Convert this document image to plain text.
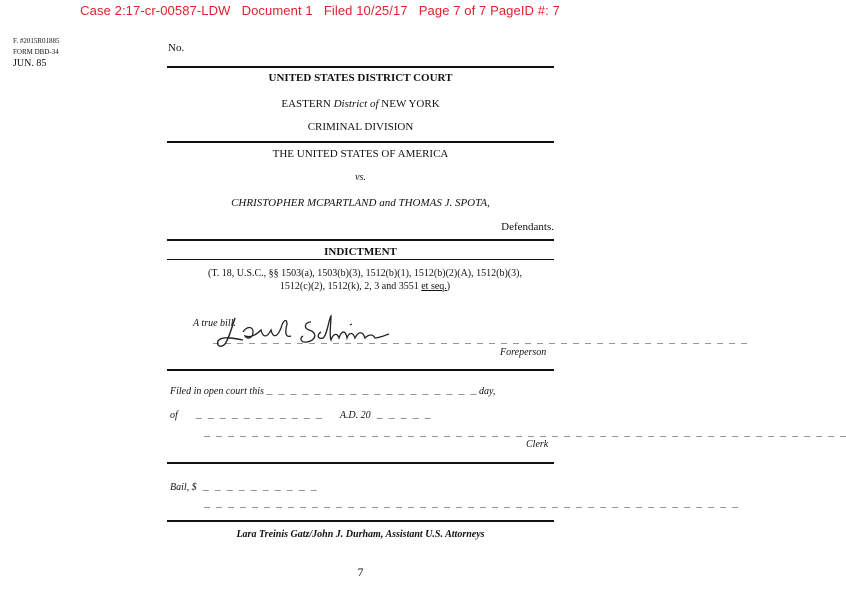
Case 2:17-cr-00587-LDW   Document 1   Filed 10/25/17   Page 7 of 7 PageID #: 7
F. #2015R01885
FORM DBD-34
JUN. 85
No.
UNITED STATES DISTRICT COURT
EASTERN District of NEW YORK
CRIMINAL DIVISION
THE UNITED STATES OF AMERICA
vs.
CHRISTOPHER MCPARTLAND and THOMAS J. SPOTA,
Defendants.
INDICTMENT
(T. 18, U.S.C., §§ 1503(a), 1503(b)(3), 1512(b)(1), 1512(b)(2)(A), 1512(b)(3),
1512(c)(2), 1512(k), 2, 3 and 3551 et seq.)
A true bill.
_ _ _ _ _ _ _ _ _ _ _ _ _ _ _ _ _ _ _ _ _ _ _ _ _ _ _ _ _ _ _ _ _ _ _ _ _ _ _ _ _ _ _ _ _
Foreperson
Filed in open court this _ _ _ _ _ _ _ _ _ _ _ _ _ _ _ _ _ _ day,
of   _ _ _ _ _ _ _ _ _ _ _   A.D. 20 _ _ _ _ _
_ _ _ _ _ _ _ _ _ _ _ _ _ _ _ _ _ _ _ _ _ _ _ _ _ _ _ _ _ _ _ _ _ _ _ _ _ _ _ _ _ _ _ _ _ _ _ _ _ _ _ _ _ _
Clerk
Bail, $ _ _ _ _ _ _ _ _ _ _
_ _ _ _ _ _ _ _ _ _ _ _ _ _ _ _ _ _ _ _ _ _ _ _ _ _ _ _ _ _ _ _ _ _ _ _ _ _ _ _ _ _ _ _ _
Lara Treinis Gatz/John J. Durham, Assistant U.S. Attorneys
7
